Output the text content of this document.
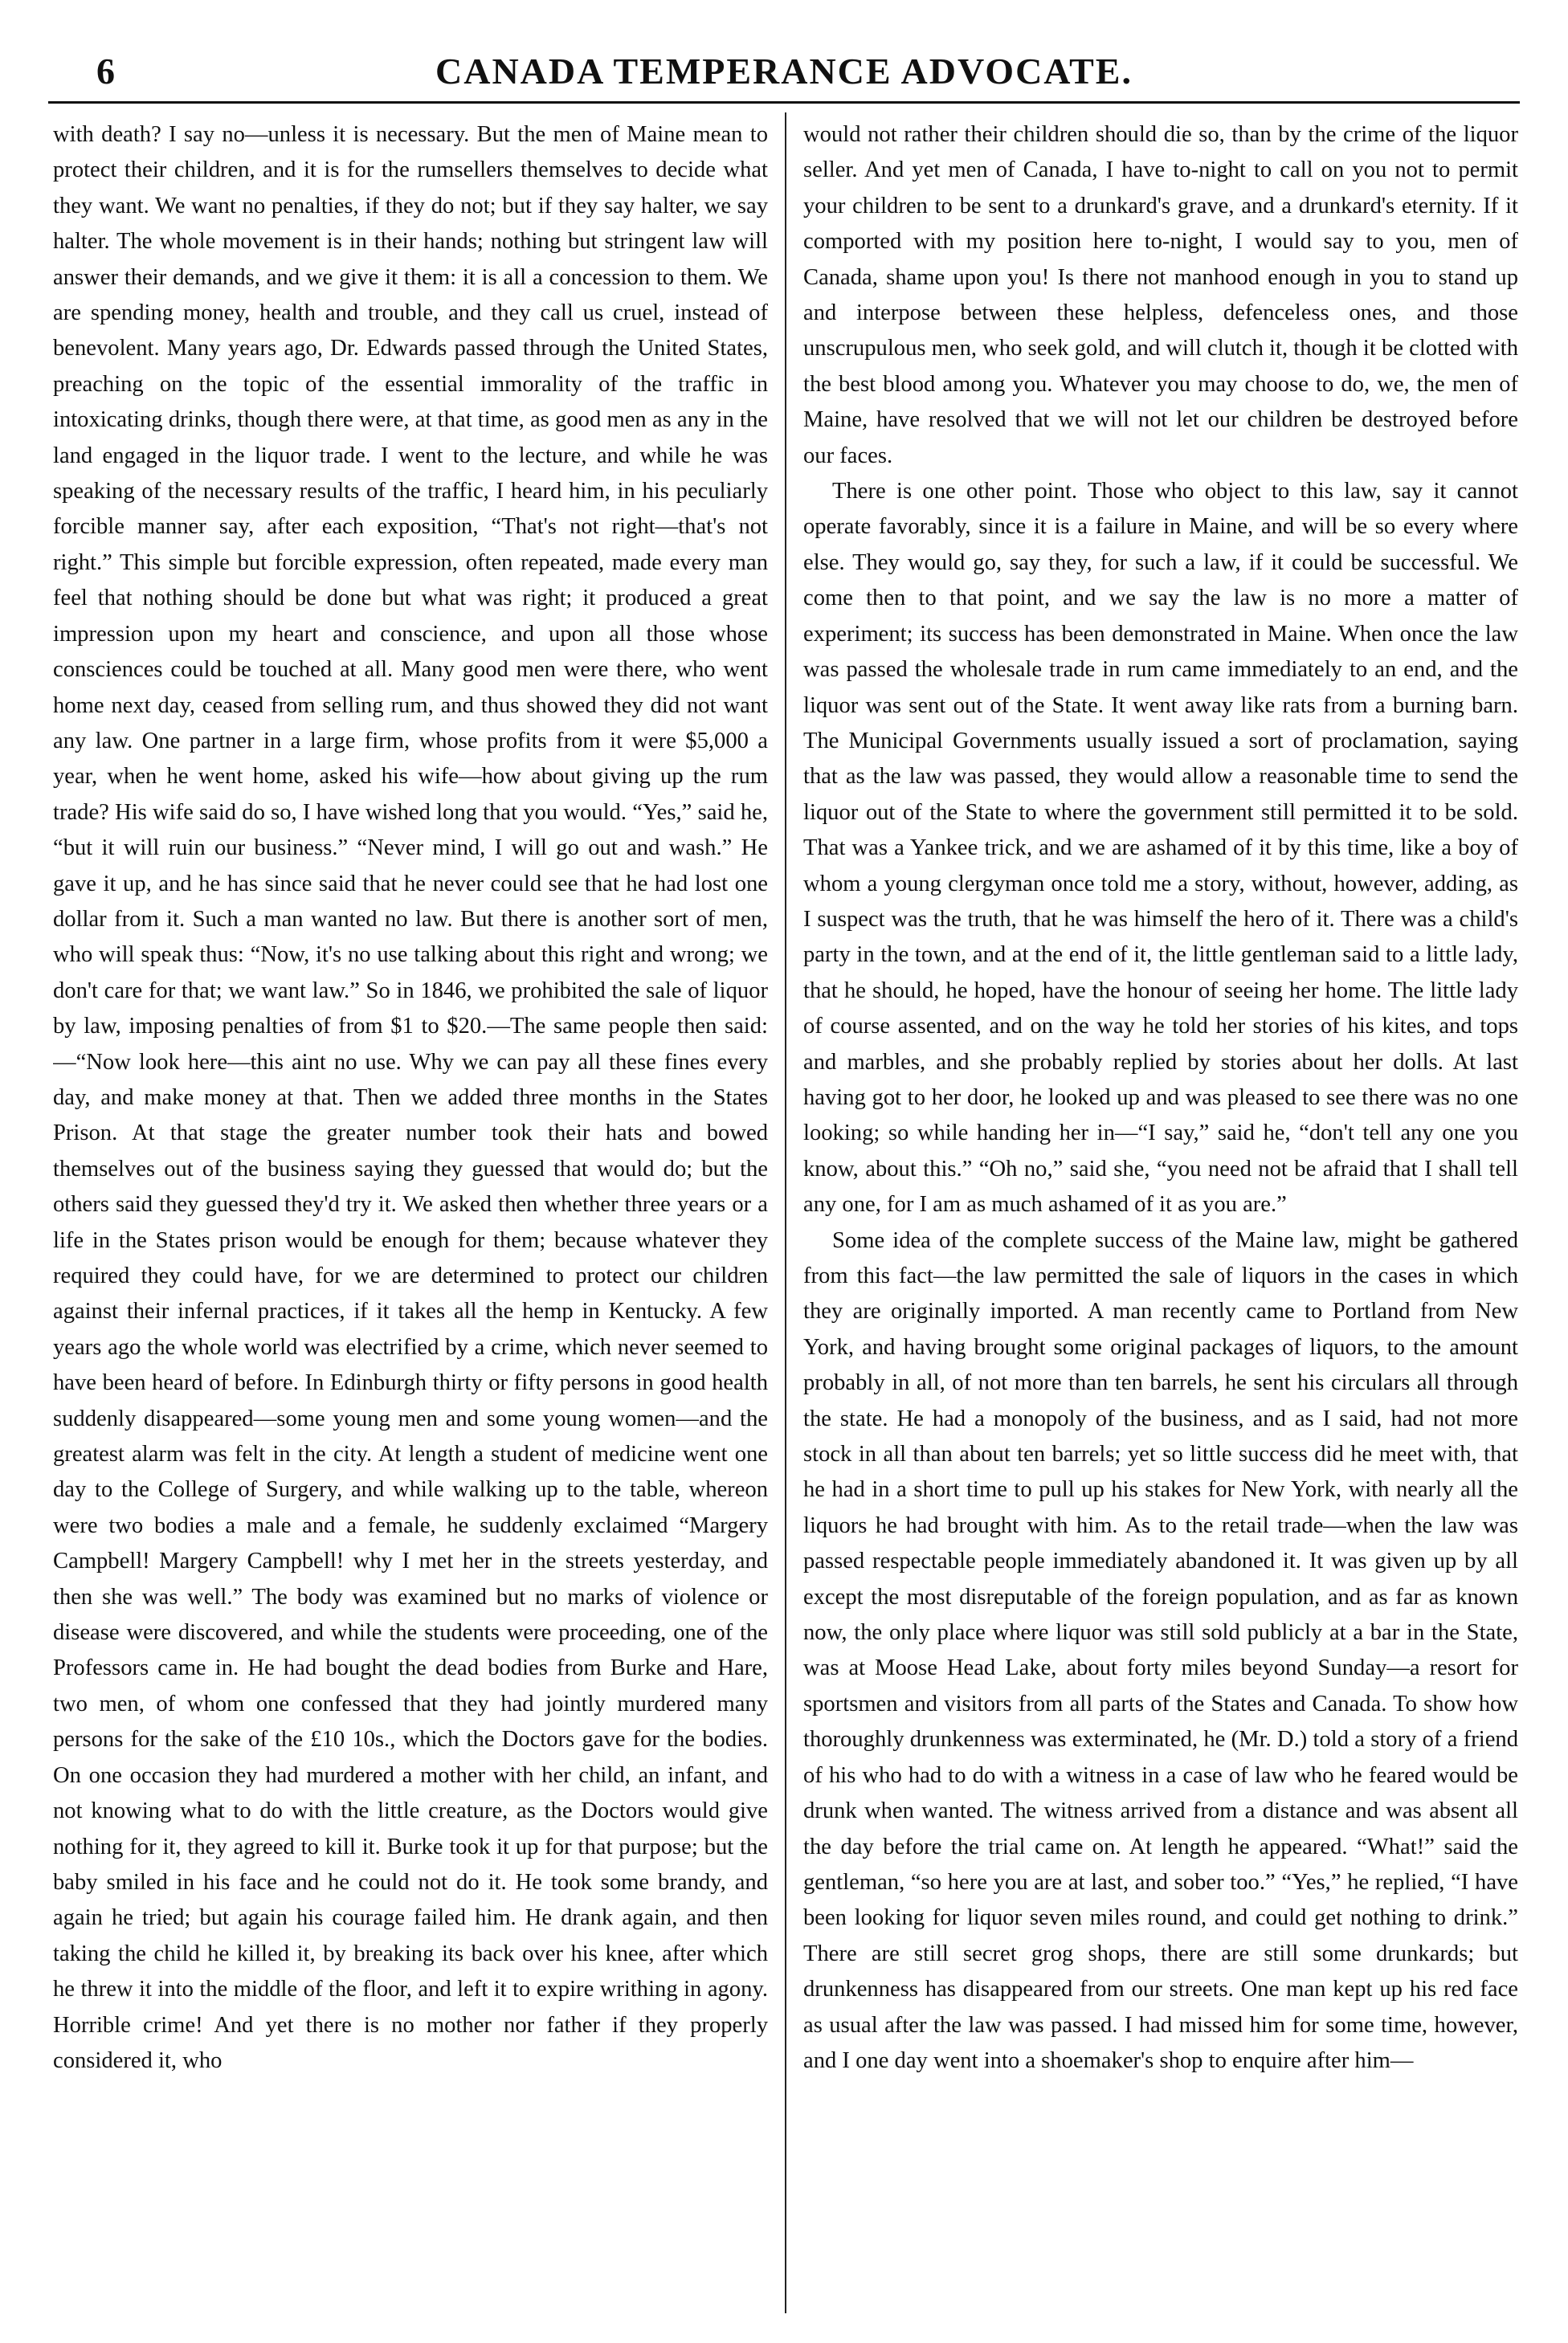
6	CANADA TEMPERANCE ADVOCATE.

with death? I say no—unless it is necessary. But the men of Maine mean to protect their children, and it is for the rumsellers themselves to decide what they want. We want no penalties, if they do not; but if they say halter, we say halter. The whole movement is in their hands; nothing but stringent law will answer their demands, and we give it them: it is all a concession to them. We are spending money, health and trouble, and they call us cruel, instead of benevolent. Many years ago, Dr. Edwards passed through the United States, preaching on the topic of the essential immorality of the traffic in intoxicating drinks, though there were, at that time, as good men as any in the land engaged in the liquor trade. I went to the lecture, and while he was speaking of the necessary results of the traffic, I heard him, in his peculiarly forcible manner say, after each exposition, “That's not right—that's not right.” This simple but forcible expression, often repeated, made every man feel that nothing should be done but what was right; it produced a great impression upon my heart and conscience, and upon all those whose consciences could be touched at all. Many good men were there, who went home next day, ceased from selling rum, and thus showed they did not want any law. One partner in a large firm, whose profits from it were $5,000 a year, when he went home, asked his wife—how about giving up the rum trade? His wife said do so, I have wished long that you would. “Yes,” said he, “but it will ruin our business.” “Never mind, I will go out and wash.” He gave it up, and he has since said that he never could see that he had lost one dollar from it. Such a man wanted no law. But there is another sort of men, who will speak thus: “Now, it's no use talking about this right and wrong; we don't care for that; we want law.” So in 1846, we prohibited the sale of liquor by law, imposing penalties of from $1 to $20.—The same people then said:—“Now look here—this aint no use. Why we can pay all these fines every day, and make money at that. Then we added three months in the States Prison. At that stage the greater number took their hats and bowed themselves out of the business saying they guessed that would do; but the others said they guessed they'd try it. We asked then whether three years or a life in the States prison would be enough for them; because whatever they required they could have, for we are determined to protect our children against their infernal practices, if it takes all the hemp in Kentucky. A few years ago the whole world was electrified by a crime, which never seemed to have been heard of before. In Edinburgh thirty or fifty persons in good health suddenly disappeared—some young men and some young women—and the greatest alarm was felt in the city. At length a student of medicine went one day to the College of Surgery, and while walking up to the table, whereon were two bodies a male and a female, he suddenly exclaimed “Margery Campbell! Margery Campbell! why I met her in the streets yesterday, and then she was well.” The body was examined but no marks of violence or disease were discovered, and while the students were proceeding, one of the Professors came in. He had bought the dead bodies from Burke and Hare, two men, of whom one confessed that they had jointly murdered many persons for the sake of the £10 10s., which the Doctors gave for the bodies. On one occasion they had murdered a mother with her child, an infant, and not knowing what to do with the little creature, as the Doctors would give nothing for it, they agreed to kill it. Burke took it up for that purpose; but the baby smiled in his face and he could not do it. He took some brandy, and again he tried; but again his courage failed him. He drank again, and then taking the child he killed it, by breaking its back over his knee, after which he threw it into the middle of the floor, and left it to expire writhing in agony. Horrible crime! And yet there is no mother nor father if they properly considered it, who

would not rather their children should die so, than by the crime of the liquor seller. And yet men of Canada, I have to-night to call on you not to permit your children to be sent to a drunkard's grave, and a drunkard's eternity. If it comported with my position here to-night, I would say to you, men of Canada, shame upon you! Is there not manhood enough in you to stand up and interpose between these helpless, defenceless ones, and those unscrupulous men, who seek gold, and will clutch it, though it be clotted with the best blood among you. Whatever you may choose to do, we, the men of Maine, have resolved that we will not let our children be destroyed before our faces.

There is one other point. Those who object to this law, say it cannot operate favorably, since it is a failure in Maine, and will be so every where else. They would go, say they, for such a law, if it could be successful. We come then to that point, and we say the law is no more a matter of experiment; its success has been demonstrated in Maine. When once the law was passed the wholesale trade in rum came immediately to an end, and the liquor was sent out of the State. It went away like rats from a burning barn. The Municipal Governments usually issued a sort of proclamation, saying that as the law was passed, they would allow a reasonable time to send the liquor out of the State to where the government still permitted it to be sold. That was a Yankee trick, and we are ashamed of it by this time, like a boy of whom a young clergyman once told me a story, without, however, adding, as I suspect was the truth, that he was himself the hero of it. There was a child's party in the town, and at the end of it, the little gentleman said to a little lady, that he should, he hoped, have the honour of seeing her home. The little lady of course assented, and on the way he told her stories of his kites, and tops and marbles, and she probably replied by stories about her dolls. At last having got to her door, he looked up and was pleased to see there was no one looking; so while handing her in—“I say,” said he, “don't tell any one you know, about this.” “Oh no,” said she, “you need not be afraid that I shall tell any one, for I am as much ashamed of it as you are.”

Some idea of the complete success of the Maine law, might be gathered from this fact—the law permitted the sale of liquors in the cases in which they are originally imported. A man recently came to Portland from New York, and having brought some original packages of liquors, to the amount probably in all, of not more than ten barrels, he sent his circulars all through the state. He had a monopoly of the business, and as I said, had not more stock in all than about ten barrels; yet so little success did he meet with, that he had in a short time to pull up his stakes for New York, with nearly all the liquors he had brought with him. As to the retail trade—when the law was passed respectable people immediately abandoned it. It was given up by all except the most disreputable of the foreign population, and as far as known now, the only place where liquor was still sold publicly at a bar in the State, was at Moose Head Lake, about forty miles beyond Sunday—a resort for sportsmen and visitors from all parts of the States and Canada. To show how thoroughly drunkenness was exterminated, he (Mr. D.) told a story of a friend of his who had to do with a witness in a case of law who he feared would be drunk when wanted. The witness arrived from a distance and was absent all the day before the trial came on. At length he appeared. “What!” said the gentleman, “so here you are at last, and sober too.” “Yes,” he replied, “I have been looking for liquor seven miles round, and could get nothing to drink.” There are still secret grog shops, there are still some drunkards; but drunkenness has disappeared from our streets. One man kept up his red face as usual after the law was passed. I had missed him for some time, however, and I one day went into a shoemaker's shop to enquire after him—
